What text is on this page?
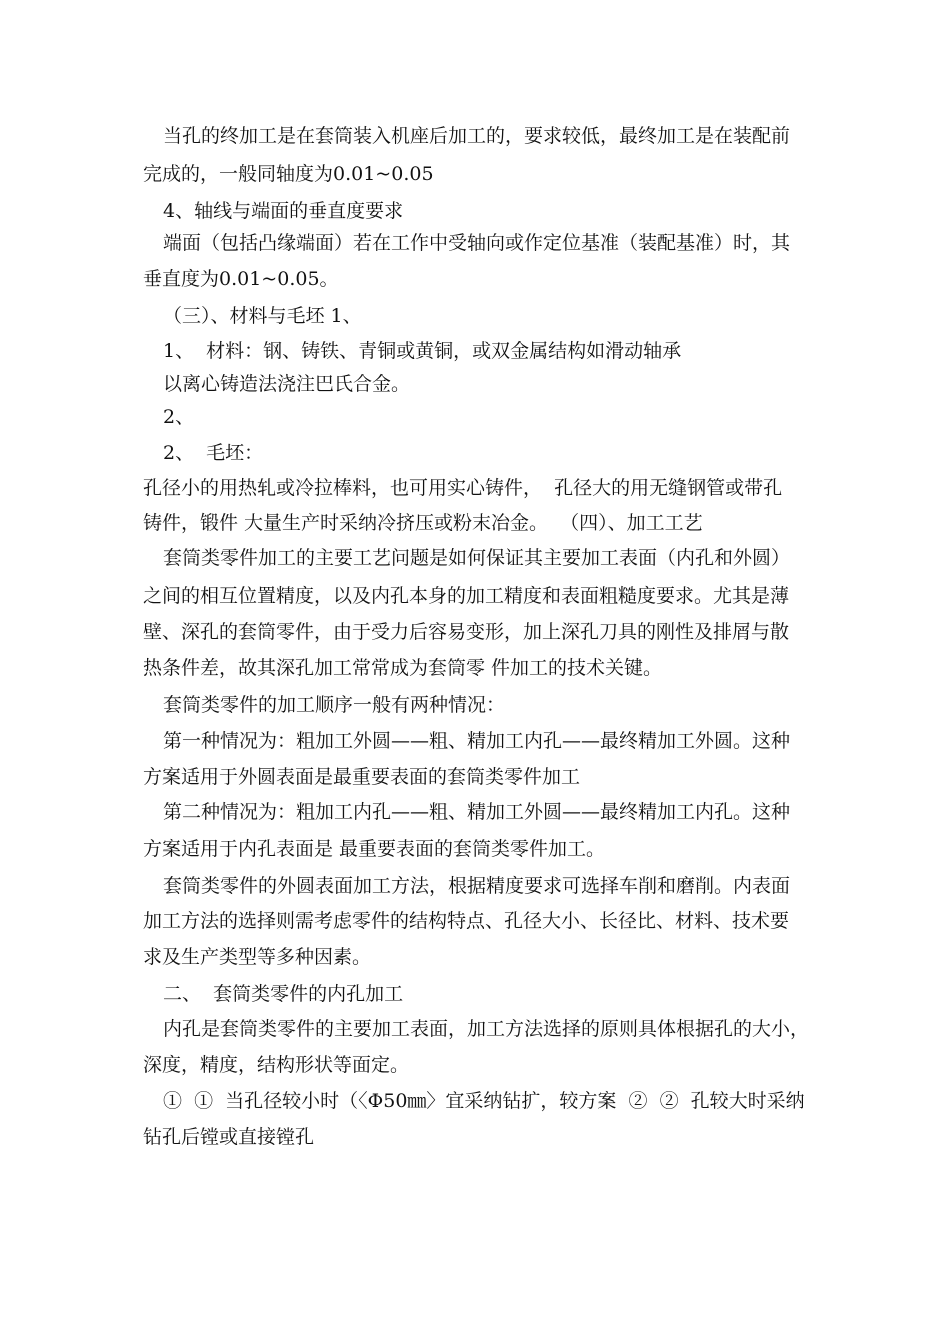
当孔的终加工是在套筒装入机座后加工的，要求较低，最终加工是在装配前
完成的，一般同轴度为0.01~0.05
4、轴线与端面的垂直度要求
端面（包括凸缘端面）若在工作中受轴向或作定位基准（装配基准）时，其
垂直度为0.01~0.05。
（三）、材料与毛坯 1、
1、  材料：钢、铸铁、青铜或黄铜，或双金属结构如滑动轴承
以离心铸造法浇注巴氏合金。
2、
2、  毛坯：
孔径小的用热轧或冷拉棒料，也可用实心铸件，  孔径大的用无缝钢管或带孔
铸件，锻件 大量生产时采纳冷挤压或粉末冶金。  （四）、加工工艺
套筒类零件加工的主要工艺问题是如何保证其主要加工表面（内孔和外圆）
之间的相互位置精度，以及内孔本身的加工精度和表面粗糙度要求。尤其是薄
壁、深孔的套筒零件，由于受力后容易变形，加上深孔刀具的刚性及排屑与散
热条件差，故其深孔加工常常成为套筒零 件加工的技术关键。
套筒类零件的加工顺序一般有两种情况：
第一种情况为：粗加工外圆——粗、精加工内孔——最终精加工外圆。这种
方案适用于外圆表面是最重要表面的套筒类零件加工
第二种情况为：粗加工内孔——粗、精加工外圆——最终精加工内孔。这种
方案适用于内孔表面是 最重要表面的套筒类零件加工。
套筒类零件的外圆表面加工方法，根据精度要求可选择车削和磨削。内表面
加工方法的选择则需考虑零件的结构特点、孔径大小、长径比、材料、技术要
求及生产类型等多种因素。
二、  套筒类零件的内孔加工
内孔是套筒类零件的主要加工表面，加工方法选择的原则具体根据孔的大小，
深度，精度，结构形状等面定。
①  ①  当孔径较小时（〈Φ50㎜〉宜采纳钻扩，较方案  ②  ②  孔较大时采纳
钻孔后镗或直接镗孔
